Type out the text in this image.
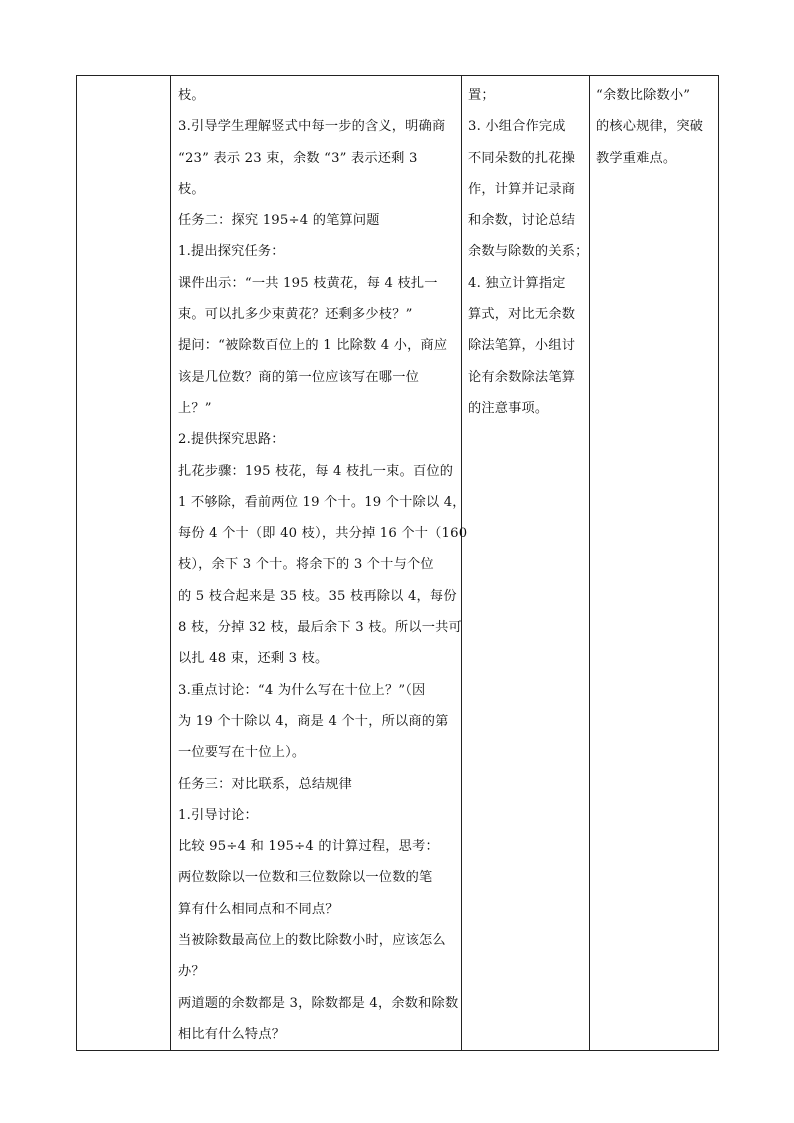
枝。
3.引导学生理解竖式中每一步的含义，明确商
“23” 表示 23 束，余数 “3” 表示还剩 3
枝。
任务二：探究 195÷4 的笔算问题
1.提出探究任务：
课件出示：“一共 195 枝黄花，每 4 枝扎一
束。可以扎多少束黄花？还剩多少枝？”
提问：“被除数百位上的 1 比除数 4 小，商应
该是几位数？商的第一位应该写在哪一位
上？”
2.提供探究思路：
扎花步骤：195 枝花，每 4 枝扎一束。百位的
1 不够除，看前两位 19 个十。19 个十除以 4，
每份 4 个十（即 40 枝），共分掉 16 个十（160
枝），余下 3 个十。将余下的 3 个十与个位
的 5 枝合起来是 35 枝。35 枝再除以 4，每份
8 枝，分掉 32 枝，最后余下 3 枝。所以一共可
以扎 48 束，还剩 3 枝。
3.重点讨论：“4 为什么写在十位上？”（因
为 19 个十除以 4，商是 4 个十，所以商的第
一位要写在十位上）。
任务三：对比联系，总结规律
1.引导讨论：
比较 95÷4 和 195÷4 的计算过程，思考：
两位数除以一位数和三位数除以一位数的笔
算有什么相同点和不同点？
当被除数最高位上的数比除数小时，应该怎么
办？
两道题的余数都是 3，除数都是 4，余数和除数
相比有什么特点？

置；
3. 小组合作完成
不同朵数的扎花操
作，计算并记录商
和余数，讨论总结
余数与除数的关系；
4. 独立计算指定
算式，对比无余数
除法笔算，小组讨
论有余数除法笔算
的注意事项。

“余数比除数小”
的核心规律，突破
教学重难点。
